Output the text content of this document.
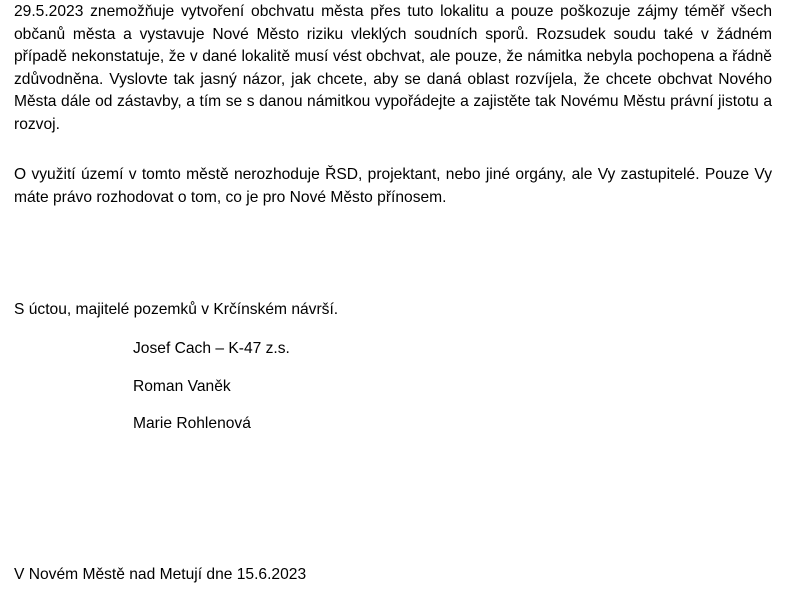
29.5.2023 znemožňuje vytvoření obchvatu města přes tuto lokalitu a pouze poškozuje zájmy téměř všech občanů města a vystavuje Nové Město riziku vleklých soudních sporů. Rozsudek soudu také v žádném případě nekonstatuje, že v dané lokalitě musí vést obchvat, ale pouze, že námitka nebyla pochopena a řádně zdůvodněna. Vyslovte tak jasný názor, jak chcete, aby se daná oblast rozvíjela, že chcete obchvat Nového Města dále od zástavby, a tím se s danou námitkou vypořádejte a zajistěte tak Novému Městu právní jistotu a rozvoj.

O využití území v tomto městě nerozhoduje ŘSD, projektant, nebo jiné orgány, ale Vy zastupitelé. Pouze Vy máte právo rozhodovat o tom, co je pro Nové Město přínosem.

S úctou, majitelé pozemků v Krčínském návrší.

Josef Cach – K-47 z.s.

Roman Vaněk

Marie Rohlenová

V Novém Městě nad Metují dne 15.6.2023
